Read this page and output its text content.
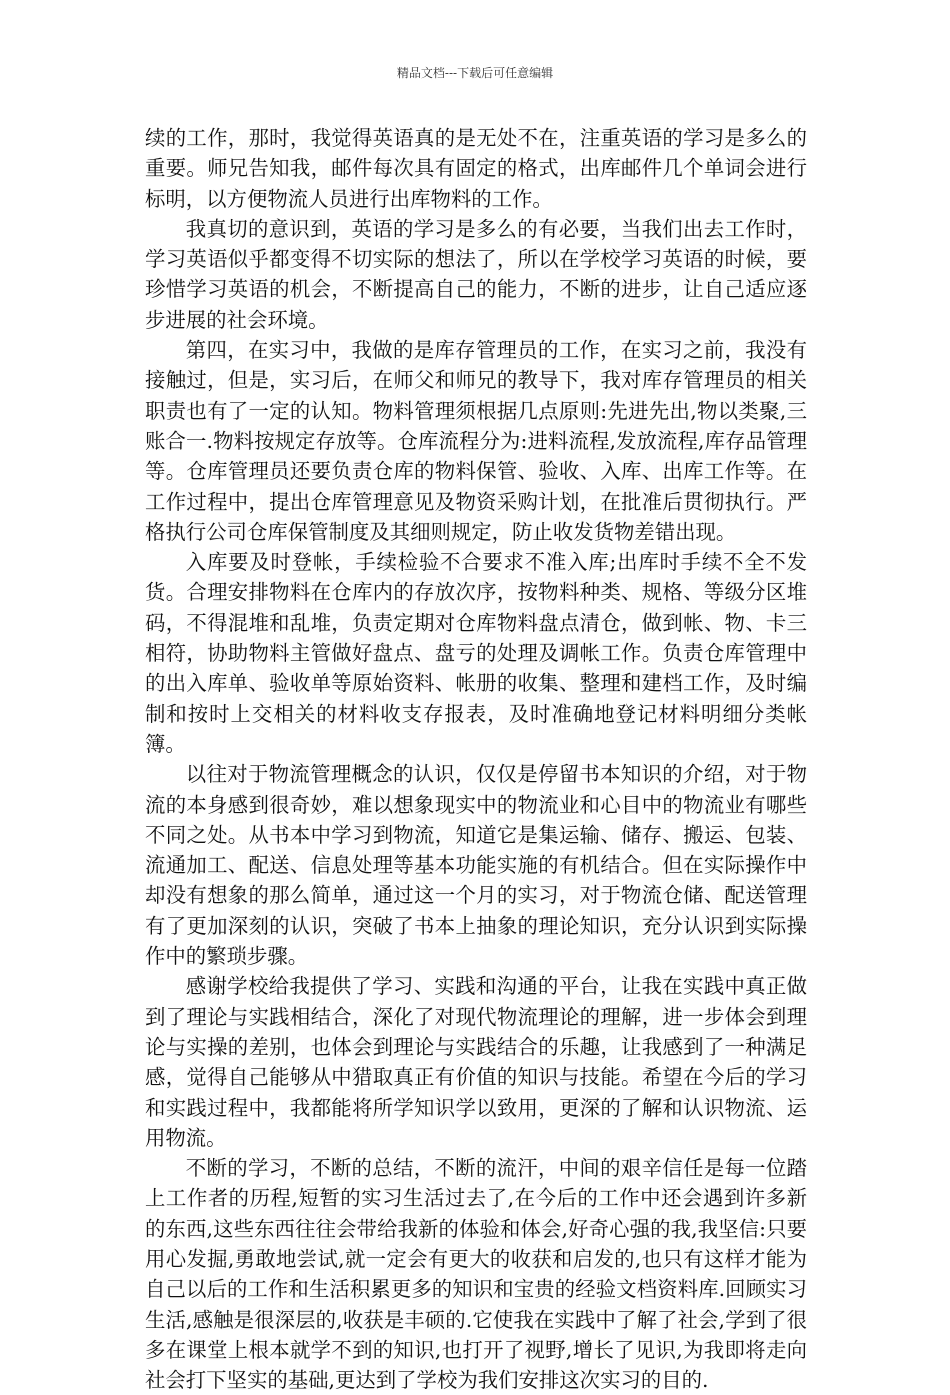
精品文档---下载后可任意编辑

续的工作，那时，我觉得英语真的是无处不在，注重英语的学习是多么的重要。师兄告知我，邮件每次具有固定的格式，出库邮件几个单词会进行标明，以方便物流人员进行出库物料的工作。

我真切的意识到，英语的学习是多么的有必要，当我们出去工作时，学习英语似乎都变得不切实际的想法了，所以在学校学习英语的时候，要珍惜学习英语的机会，不断提高自己的能力，不断的进步，让自己适应逐步进展的社会环境。

第四，在实习中，我做的是库存管理员的工作，在实习之前，我没有接触过，但是，实习后，在师父和师兄的教导下，我对库存管理员的相关职责也有了一定的认知。物料管理须根据几点原则:先进先出,物以类聚,三账合一.物料按规定存放等。仓库流程分为:进料流程,发放流程,库存品管理等。仓库管理员还要负责仓库的物料保管、验收、入库、出库工作等。在工作过程中，提出仓库管理意见及物资采购计划，在批准后贯彻执行。严格执行公司仓库保管制度及其细则规定，防止收发货物差错出现。

入库要及时登帐，手续检验不合要求不准入库;出库时手续不全不发货。合理安排物料在仓库内的存放次序，按物料种类、规格、等级分区堆码，不得混堆和乱堆，负责定期对仓库物料盘点清仓，做到帐、物、卡三相符，协助物料主管做好盘点、盘亏的处理及调帐工作。负责仓库管理中的出入库单、验收单等原始资料、帐册的收集、整理和建档工作，及时编制和按时上交相关的材料收支存报表，及时准确地登记材料明细分类帐簿。

以往对于物流管理概念的认识，仅仅是停留书本知识的介绍，对于物流的本身感到很奇妙，难以想象现实中的物流业和心目中的物流业有哪些不同之处。从书本中学习到物流，知道它是集运输、储存、搬运、包装、流通加工、配送、信息处理等基本功能实施的有机结合。但在实际操作中却没有想象的那么简单，通过这一个月的实习，对于物流仓储、配送管理有了更加深刻的认识，突破了书本上抽象的理论知识，充分认识到实际操作中的繁琐步骤。

感谢学校给我提供了学习、实践和沟通的平台，让我在实践中真正做到了理论与实践相结合，深化了对现代物流理论的理解，进一步体会到理论与实操的差别，也体会到理论与实践结合的乐趣，让我感到了一种满足感，觉得自己能够从中猎取真正有价值的知识与技能。希望在今后的学习和实践过程中，我都能将所学知识学以致用，更深的了解和认识物流、运用物流。

不断的学习，不断的总结，不断的流汗，中间的艰辛信任是每一位踏上工作者的历程,短暂的实习生活过去了,在今后的工作中还会遇到许多新的东西,这些东西往往会带给我新的体验和体会,好奇心强的我,我坚信:只要用心发掘,勇敢地尝试,就一定会有更大的收获和启发的,也只有这样才能为自己以后的工作和生活积累更多的知识和宝贵的经验文档资料库.回顾实习生活,感触是很深层的,收获是丰硕的.它使我在实践中了解了社会,学到了很多在课堂上根本就学不到的知识,也打开了视野,增长了见识,为我即将走向社会打下坚实的基础,更达到了学校为我们安排这次实习的目的.
